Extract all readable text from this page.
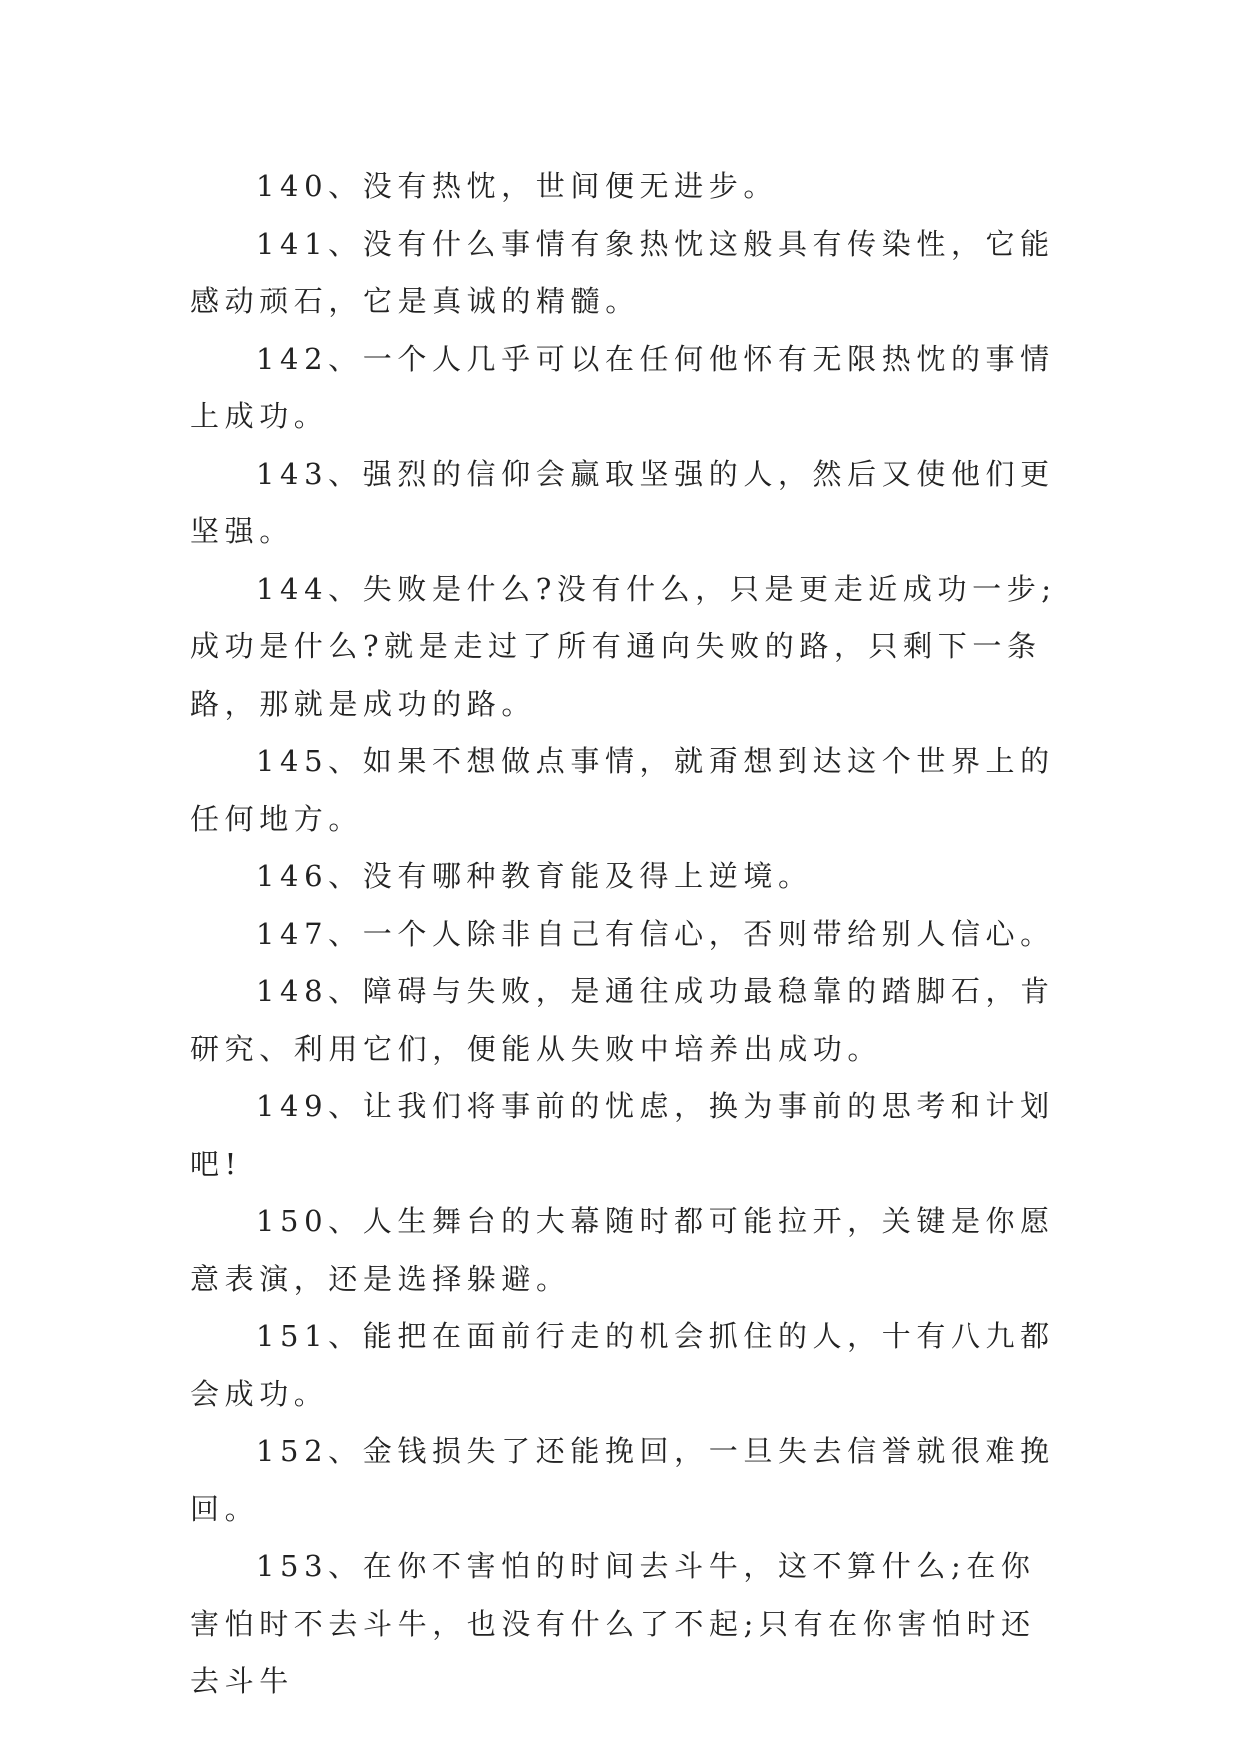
140、没有热忱，世间便无进步。

141、没有什么事情有象热忱这般具有传染性，它能感动顽石，它是真诚的精髓。

142、一个人几乎可以在任何他怀有无限热忱的事情上成功。

143、强烈的信仰会赢取坚强的人，然后又使他们更坚强。

144、失败是什么?没有什么，只是更走近成功一步;成功是什么?就是走过了所有通向失败的路，只剩下一条路，那就是成功的路。

145、如果不想做点事情，就甭想到达这个世界上的任何地方。

146、没有哪种教育能及得上逆境。

147、一个人除非自己有信心，否则带给别人信心。

148、障碍与失败，是通往成功最稳靠的踏脚石，肯研究、利用它们，便能从失败中培养出成功。

149、让我们将事前的忧虑，换为事前的思考和计划吧!

150、人生舞台的大幕随时都可能拉开，关键是你愿意表演，还是选择躲避。

151、能把在面前行走的机会抓住的人，十有八九都会成功。

152、金钱损失了还能挽回，一旦失去信誉就很难挽回。

153、在你不害怕的时间去斗牛，这不算什么;在你害怕时不去斗牛，也没有什么了不起;只有在你害怕时还去斗牛
